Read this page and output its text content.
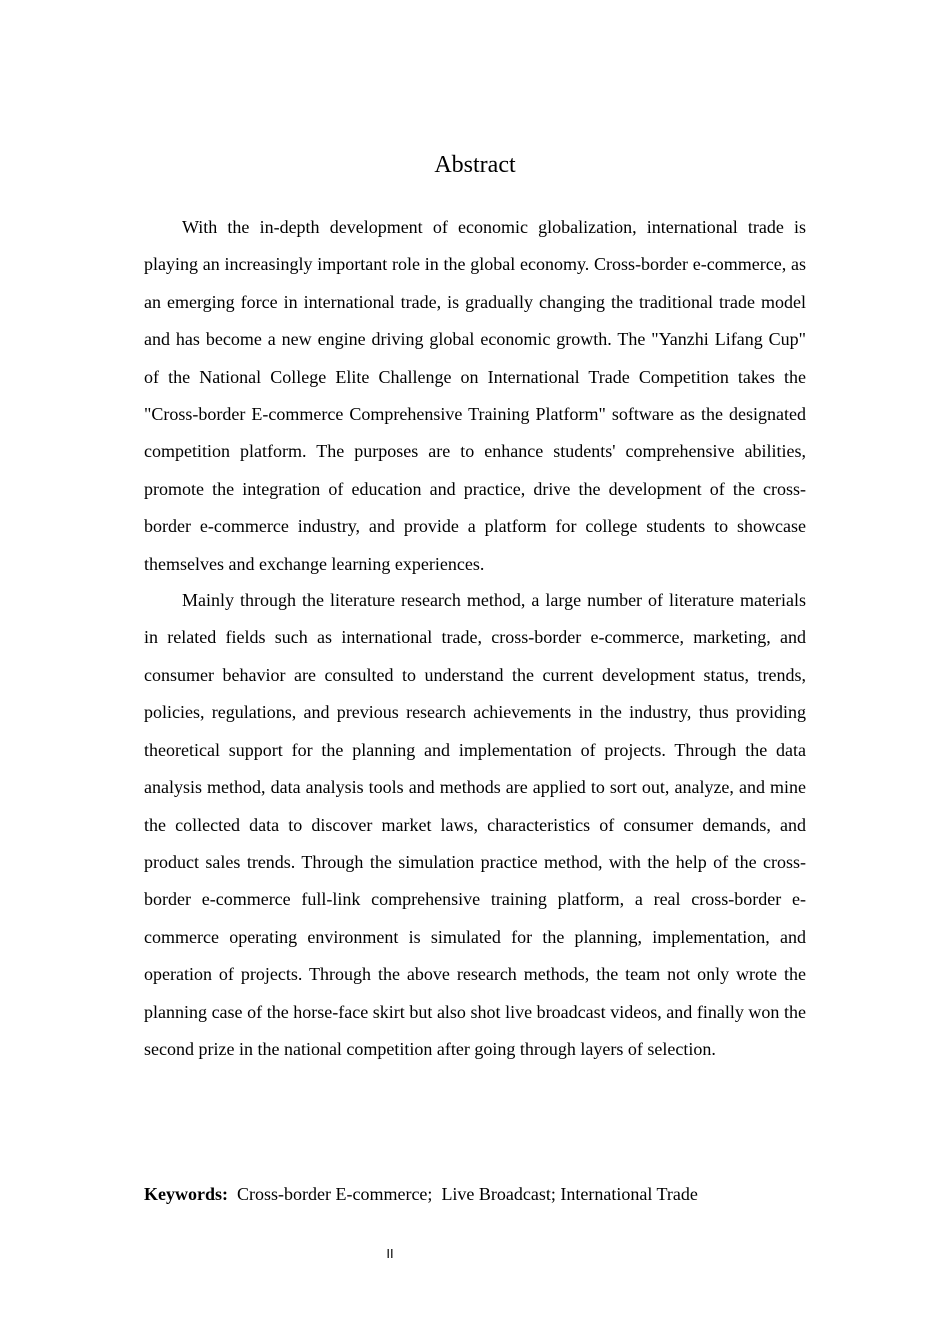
Abstract

With the in-depth development of economic globalization, international trade is playing an increasingly important role in the global economy. Cross-border e-commerce, as an emerging force in international trade, is gradually changing the traditional trade model and has become a new engine driving global economic growth. The "Yanzhi Lifang Cup" of the National College Elite Challenge on International Trade Competition takes the "Cross-border E-commerce Comprehensive Training Platform" software as the designated competition platform. The purposes are to enhance students' comprehensive abilities, promote the integration of education and practice, drive the development of the cross-border e-commerce industry, and provide a platform for college students to showcase themselves and exchange learning experiences.

Mainly through the literature research method, a large number of literature materials in related fields such as international trade, cross-border e-commerce, marketing, and consumer behavior are consulted to understand the current development status, trends, policies, regulations, and previous research achievements in the industry, thus providing theoretical support for the planning and implementation of projects. Through the data analysis method, data analysis tools and methods are applied to sort out, analyze, and mine the collected data to discover market laws, characteristics of consumer demands, and product sales trends. Through the simulation practice method, with the help of the cross-border e-commerce full-link comprehensive training platform, a real cross-border e-commerce operating environment is simulated for the planning, implementation, and operation of projects. Through the above research methods, the team not only wrote the planning case of the horse-face skirt but also shot live broadcast videos, and finally won the second prize in the national competition after going through layers of selection.

Keywords: Cross-border E-commerce; Live Broadcast; International Trade

II
